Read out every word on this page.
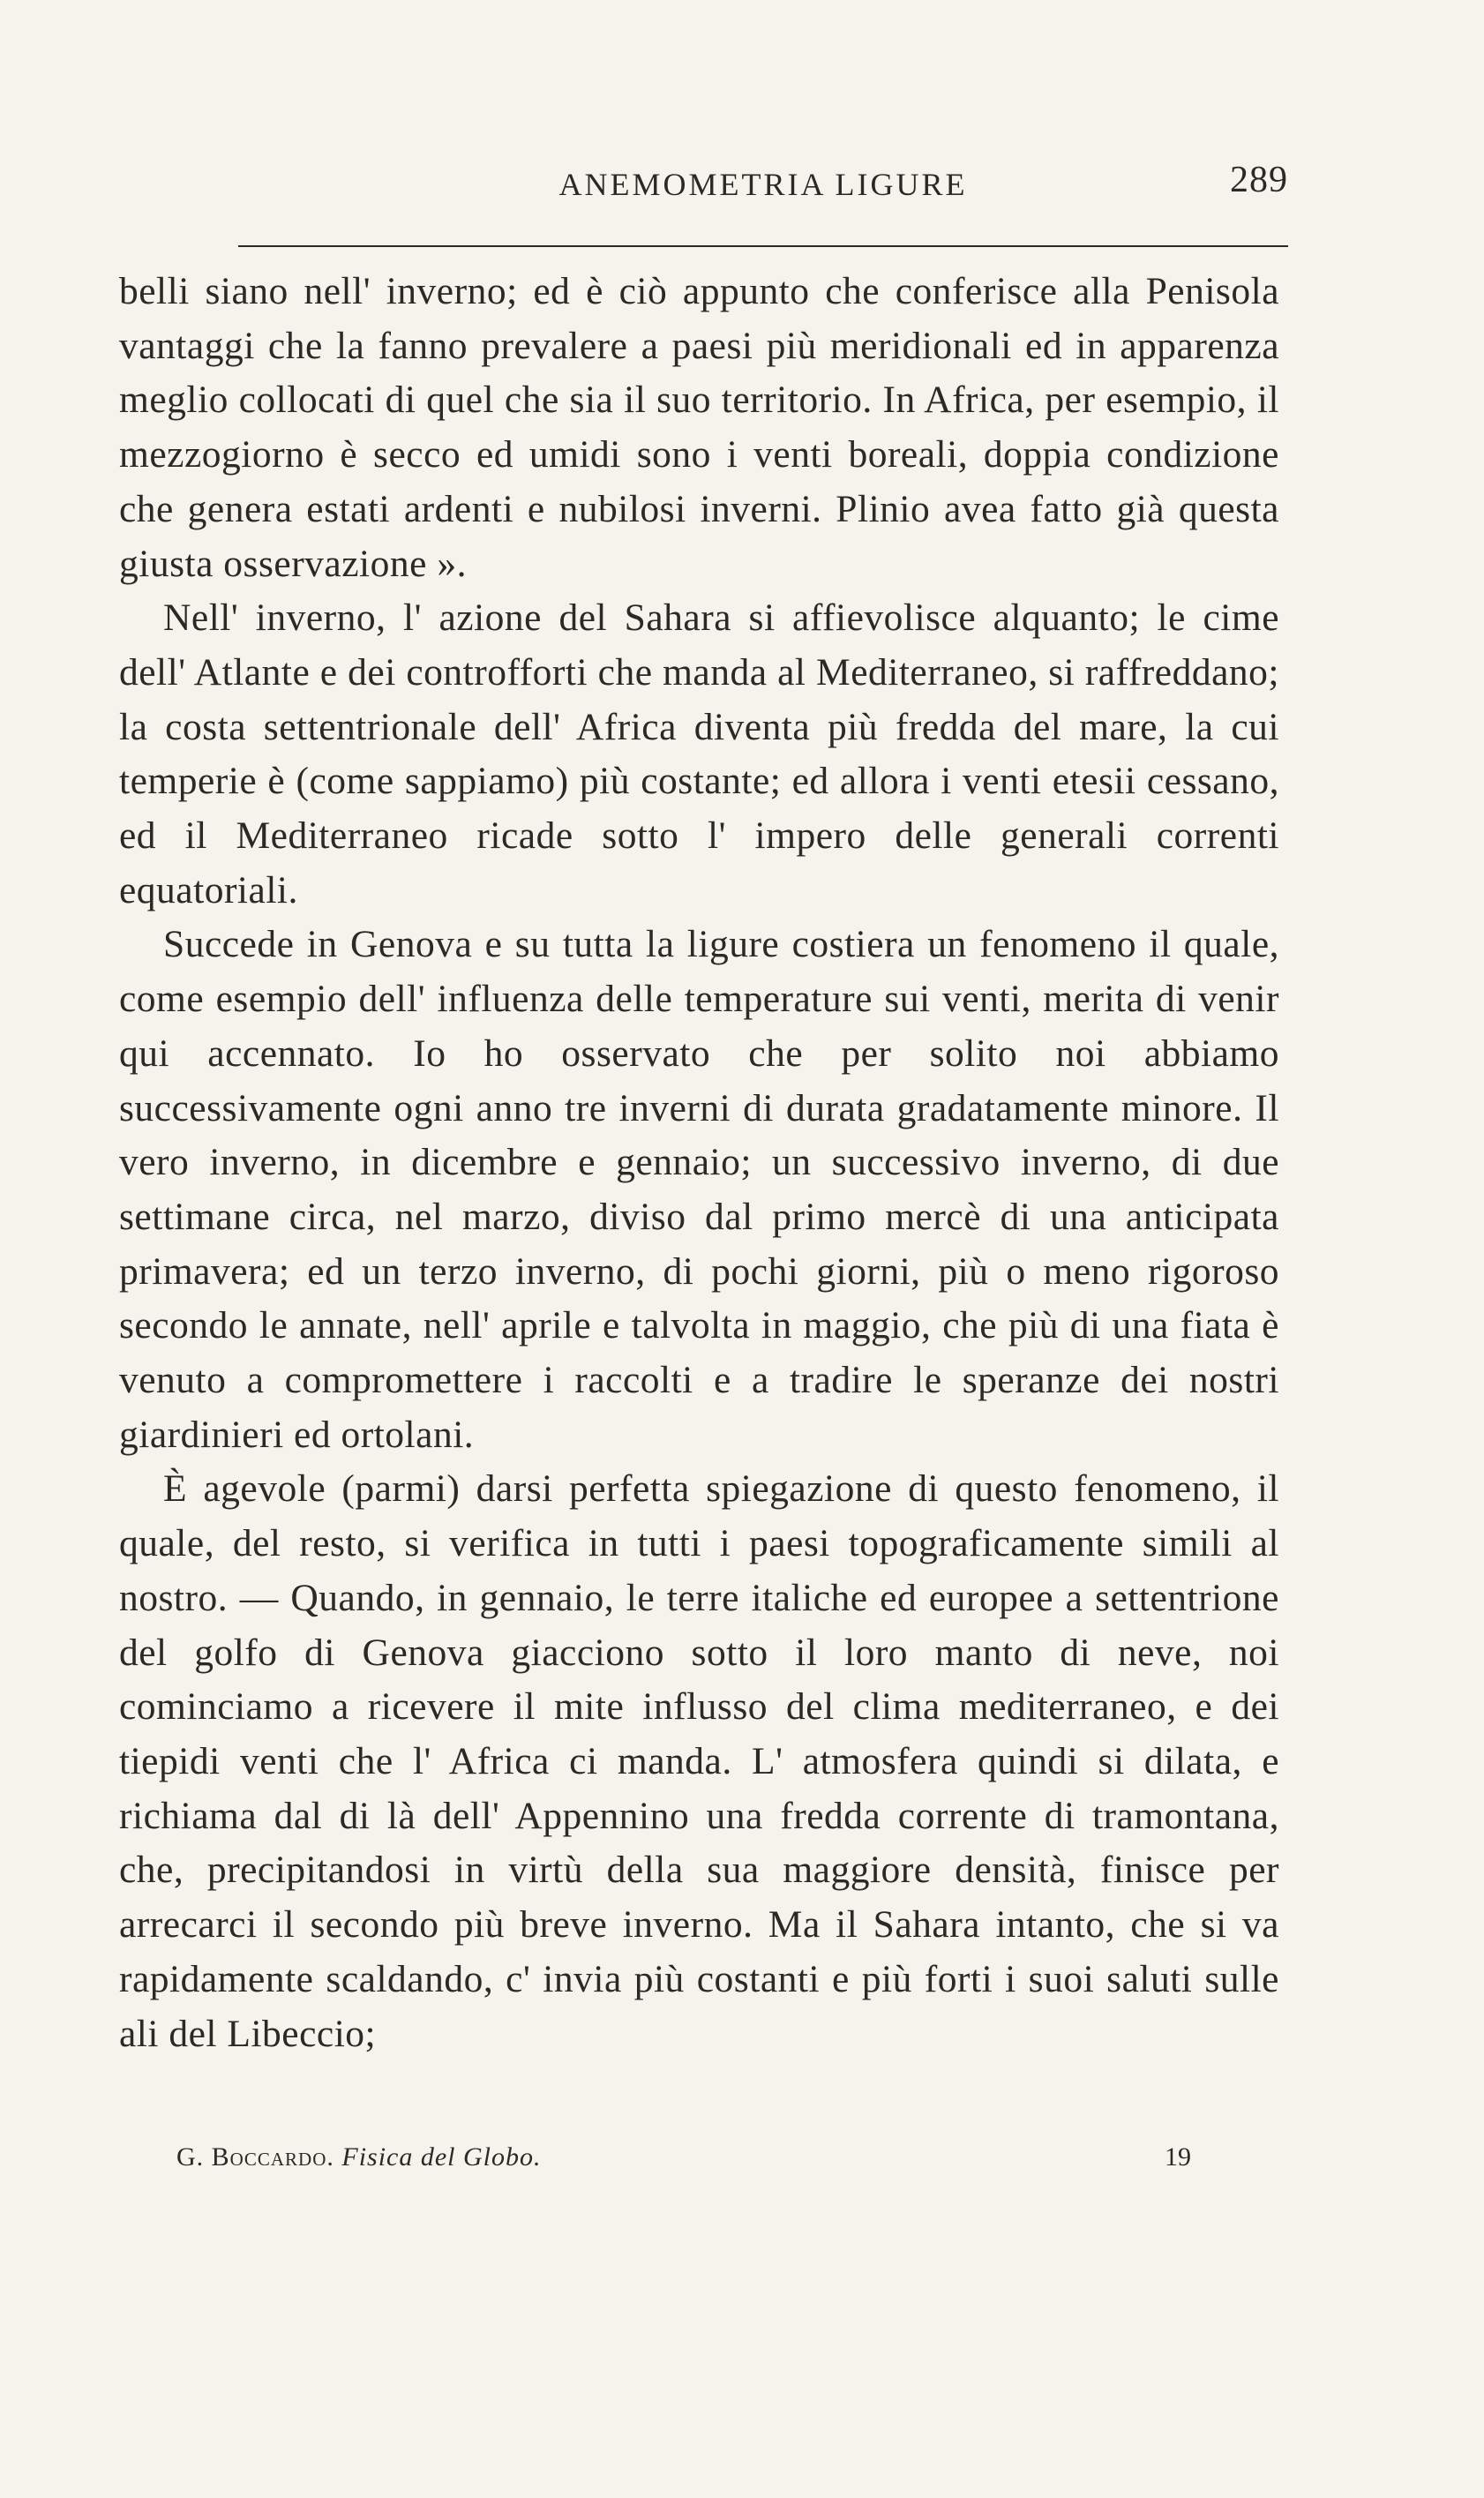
ANEMOMETRIA LIGURE	289

belli siano nell' inverno; ed è ciò appunto che conferisce alla Penisola vantaggi che la fanno prevalere a paesi più meridionali ed in apparenza meglio collocati di quel che sia il suo territorio. In Africa, per esempio, il mezzogiorno è secco ed umidi sono i venti boreali, doppia condizione che genera estati ardenti e nubilosi inverni. Plinio avea fatto già questa giusta osservazione ».

Nell' inverno, l' azione del Sahara si affievolisce alquanto; le cime dell' Atlante e dei controfforti che manda al Mediterraneo, si raffreddano; la costa settentrionale dell' Africa diventa più fredda del mare, la cui temperie è (come sappiamo) più costante; ed allora i venti etesii cessano, ed il Mediterraneo ricade sotto l' impero delle generali correnti equatoriali.

Succede in Genova e su tutta la ligure costiera un fenomeno il quale, come esempio dell' influenza delle temperature sui venti, merita di venir qui accennato. Io ho osservato che per solito noi abbiamo successivamente ogni anno tre inverni di durata gradatamente minore. Il vero inverno, in dicembre e gennaio; un successivo inverno, di due settimane circa, nel marzo, diviso dal primo mercè di una anticipata primavera; ed un terzo inverno, di pochi giorni, più o meno rigoroso secondo le annate, nell' aprile e talvolta in maggio, che più di una fiata è venuto a compromettere i raccolti e a tradire le speranze dei nostri giardinieri ed ortolani.

È agevole (parmi) darsi perfetta spiegazione di questo fenomeno, il quale, del resto, si verifica in tutti i paesi topograficamente simili al nostro. — Quando, in gennaio, le terre italiche ed europee a settentrione del golfo di Genova giacciono sotto il loro manto di neve, noi cominciamo a ricevere il mite influsso del clima mediterraneo, e dei tiepidi venti che l' Africa ci manda. L' atmosfera quindi si dilata, e richiama dal di là dell' Appennino una fredda corrente di tramontana, che, precipitandosi in virtù della sua maggiore densità, finisce per arrecarci il secondo più breve inverno. Ma il Sahara intanto, che si va rapidamente scaldando, c' invia più costanti e più forti i suoi saluti sulle ali del Libeccio;

G. Boccardo. Fisica del Globo.	19
